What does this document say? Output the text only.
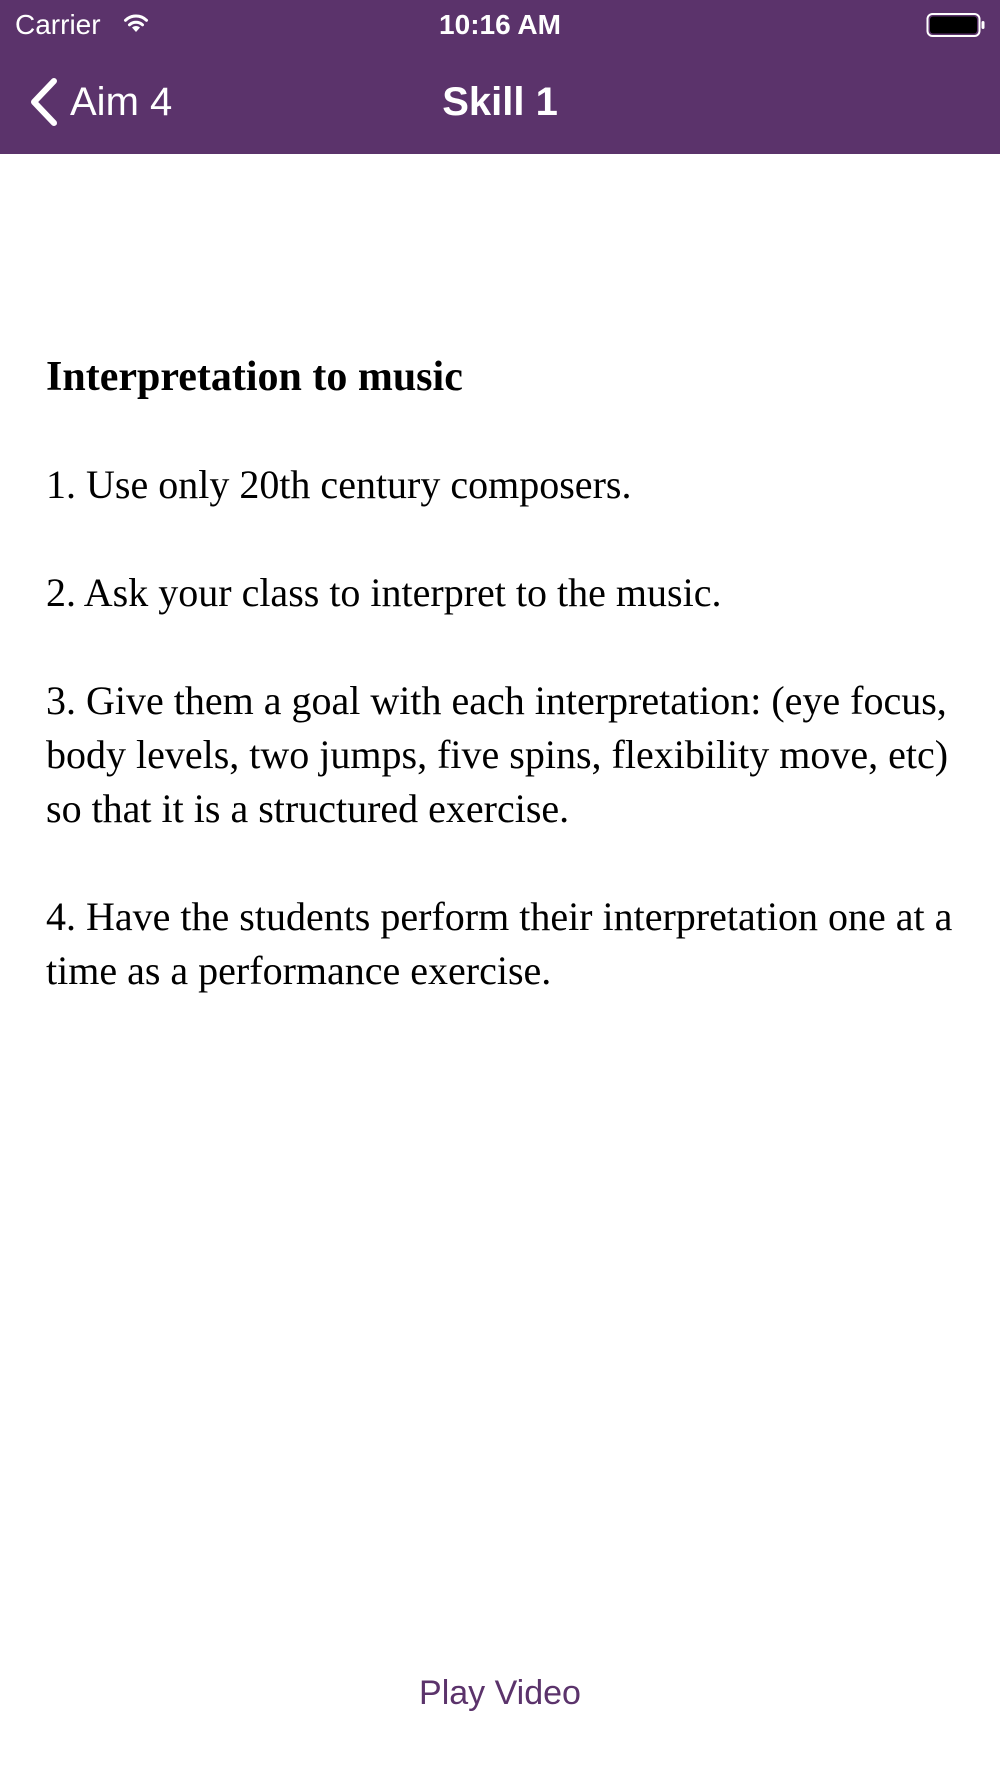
Carrier	10:16 AM
Aim 4	Skill 1

Interpretation to music

1. Use only 20th century composers.

2. Ask your class to interpret to the music.

3. Give them a goal with each interpretation: (eye focus, body levels, two jumps, five spins, flexibility move, etc) so that it is a structured exercise.

4. Have the students perform their interpretation one at a time as a performance exercise.

Play Video
